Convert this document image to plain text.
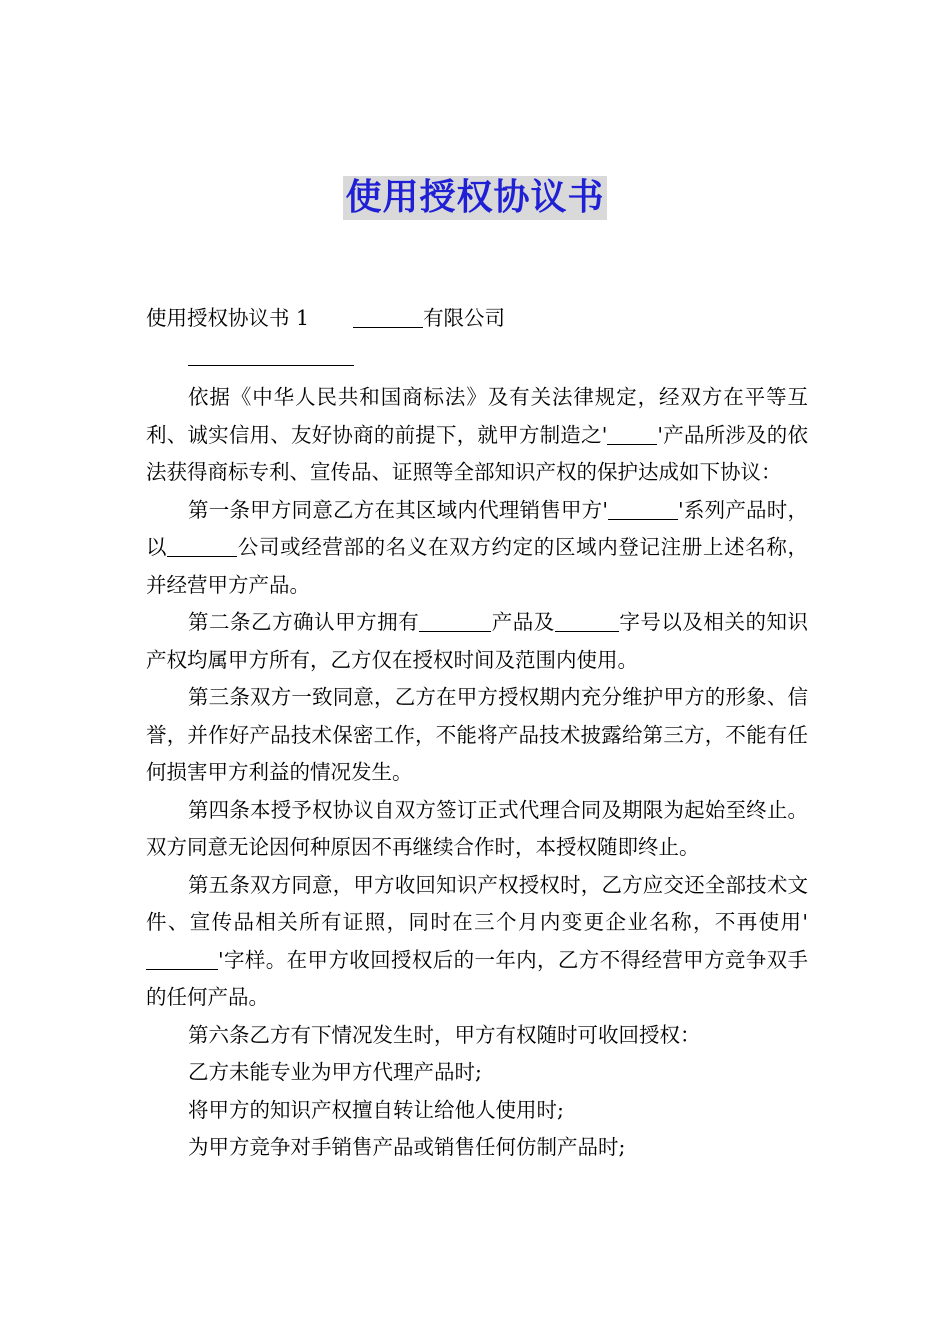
使用授权协议书
使用授权协议书 1	有限公司
依据《中华人民共和国商标法》及有关法律规定，经双方在平等互利、诚实信用、友好协商的前提下，就甲方制造之' '产品所涉及的依法获得商标专利、宣传品、证照等全部知识产权的保护达成如下协议：
第一条甲方同意乙方在其区域内代理销售甲方'	'系列产品时，以	公司或经营部的名义在双方约定的区域内登记注册上述名称，并经营甲方产品。
第二条乙方确认甲方拥有	产品及	字号以及相关的知识产权均属甲方所有，乙方仅在授权时间及范围内使用。
第三条双方一致同意，乙方在甲方授权期内充分维护甲方的形象、信誉，并作好产品技术保密工作，不能将产品技术披露给第三方，不能有任何损害甲方利益的情况发生。
第四条本授予权协议自双方签订正式代理合同及期限为起始至终止。双方同意无论因何种原因不再继续合作时，本授权随即终止。
第五条双方同意，甲方收回知识产权授权时，乙方应交还全部技术文件、宣传品相关所有证照，同时在三个月内变更企业名称，不再使用''字样。在甲方收回授权后的一年内，乙方不得经营甲方竞争双手的任何产品。
第六条乙方有下情况发生时，甲方有权随时可收回授权：
乙方未能专业为甲方代理产品时;
将甲方的知识产权擅自转让给他人使用时;
为甲方竞争对手销售产品或销售任何仿制产品时;
